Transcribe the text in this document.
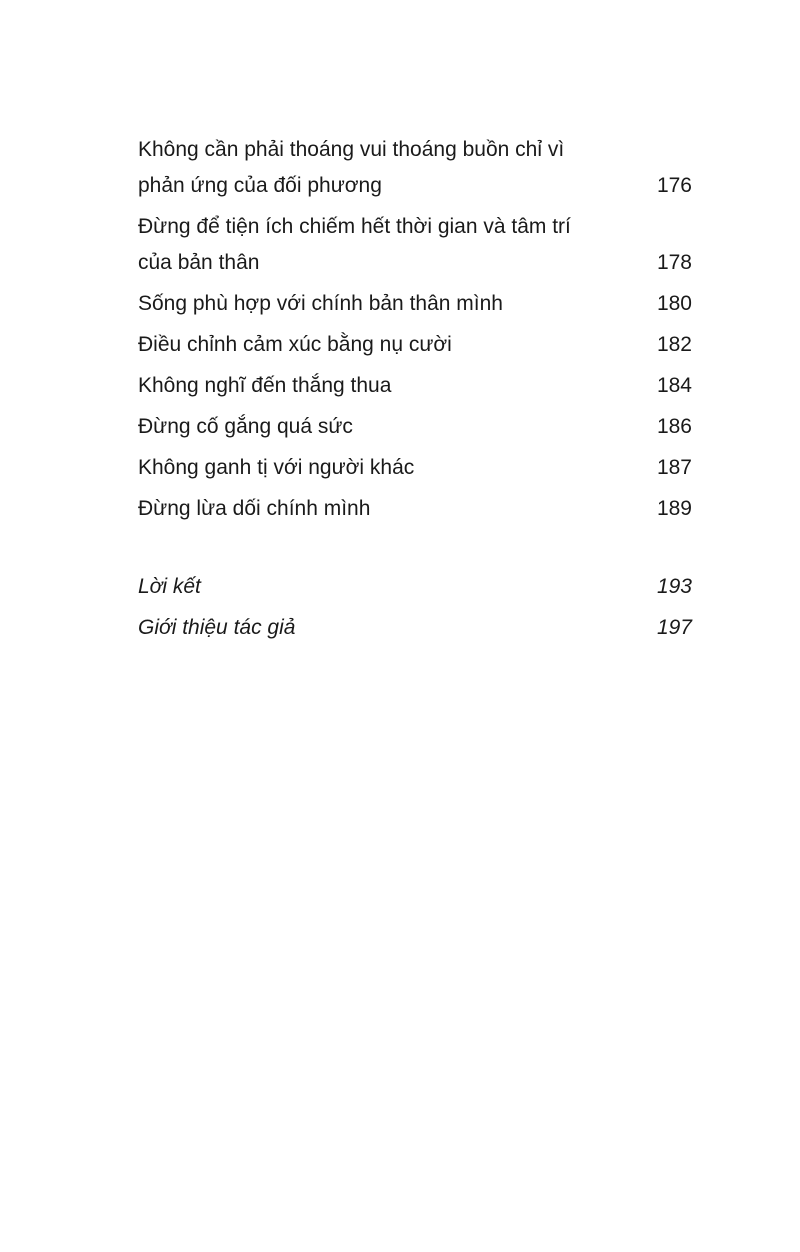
Không cần phải thoáng vui thoáng buồn chỉ vì phản ứng của đối phương	176
Đừng để tiện ích chiếm hết thời gian và tâm trí của bản thân	178
Sống phù hợp với chính bản thân mình	180
Điều chỉnh cảm xúc bằng nụ cười	182
Không nghĩ đến thắng thua	184
Đừng cố gắng quá sức	186
Không ganh tị với người khác	187
Đừng lừa dối chính mình	189
Lời kết	193
Giới thiệu tác giả	197
